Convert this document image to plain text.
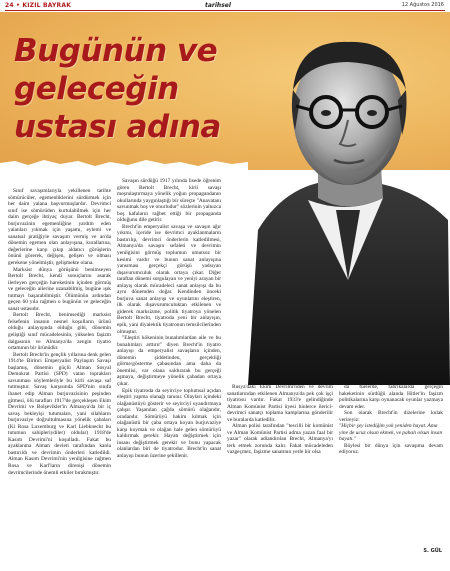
24 • KIZIL BAYRAK	tarihsel	12 Ağustos 2016
Bugünün ve geleceğin
ustası adına

Sınıf savaşımlarıyla yekillenen tarihte sömürücüler, egemenliklerini sürdürmek için her daim yalana başvurmuşlardır. Devrimci sınıf ise sömürüden kurtulabilmek için her daim gerçeğe ihtiyaç duyar. Bertolt Brecht, burjuvazinin egemenliğine yardım eden yalanları yıkmak için yaşamı, eylemi ve sanatsal pratiğiyle savaşım vermiş ve an'da dönemin egemen olan anlayışına, kurallarına, değerlerine karşı çıkıp aldatıcı görüşlerin önünü görerek, değişen, gelişen ve olması gerekene yönelmiştir, gelişmekte olana.

Marksist dünya görüşünü benimseyen Bertolt Brecht, kendi sonuçlarını asarak ilerleyen gerçeğin hareketinin içinden görmüş ve geleceğin ailerine uzanabilmiş, bugüne ışık tutmayı başarabilmiştir. Ölümünün ardından geçen 60 yıla rağmen o bugünün ve geleceğin sanat ustasıdır.

Bertolt Brecht, benimsediği marksist felsefenin insanın nesnel koşulların ürünü olduğu anlayışında olduğu gibi, dönemin geliştiği sınıf mücadelesinin, yükselen faşizm dalgasının ve Almanya'da zengin tiyatro ortamının bir ürünüdür.

Bertolt Brecht'in gençlik yıllarına denk gelen 1914'te Birinci Emperyalist Paylaşım Savaşı başlamış, dönemin güçlü Alman Sosyal Demokrat Partisi (SPD) vatan toprakları savunması söylemleriyle bu kirli savaşa saf tutmuştur. Savaş karşısında SPD'nin sınıfa ihanet edip Alman burjuvazisinin peşinden gitmesi, ölü tarafları 1917'de gerçekleşen Ekim Devrimi ve Bolşevikler'in Almanya'da bir iç savaş bekleyişi tutumaları, yani silahların burjuvaziye doğrultulmasına yönelik çabaları (Ki Rosa Luxemburg ve Karl Liebknecht bu tutumun sahipleriydiler) oldular) 1918'de Kasım Devrimi'ni koşulladı. Fakat bu ayaklanma Alman devleti tarafından kanla bastırıldı ve devrimin önderleri katledildi. Alman Kasım Devrimi'nin yenilgisine rağmen Rosa ve Karl'ların direnişi dönemin devrimcilerinde önemli etkiler bırakmıştır.

Savaşın sürdüğü 1917 yılında lisede öğrenim gören Bertolt Brecht, kirli savaşı meşrulaştırmaya yönelik yoğun propagandanın okullarında yaygınlaştığı bir süreçte "Anavatanı savunmak hoş ve onurludur" sözlerinin yalnızca boş kafaların rağbet ettiği bir propaganda olduğunu dile getirir.

Brecht'in emperyalist savaşa ve savaşın ağır yıkımı, içeride ise devrimci ayaklanmaların bastırılıp, devrimci önderlerin katledilmesi, Almanya'da savaşın sefaleti ve devrimin yenilgisini görmüş toplumun umutsuz bir kesimi vardır ve bunun sanat anlayışına yansıması gerçekçi görüşü yadsıyan dışavurumculuk olarak ortaya çıkar. Diğer taraftan dönemi sorgulayan ve yeniyi arayan bir anlayış olarak mücadeleci sanat anlayışı da bu aynı dönemden doğar. Kendinden önceki burjuva sanat anlayışı ve oyunlarını eleştiren, ilk olarak dışavurumculuktan etkilenen ve giderek marksizme, politik tiyatroya yönelen Bertolt Brecht, tiyatroda yeni bir anlayışın, epik, yani diyalektik tiyatronun temsilcilerinden olmuştur.

"Eleştiri kökeninin bunalımlardan aile ve bu bunalımları arttırır" diyen Brecht'in tiyatro anlayışı da emperyalist savaşların içinden, dönemin şiddetinden, gerçekliği görme/gösterme çabasından ama daha da önemlisi, var olana saldırarak bu gerçeği aşmaya, değiştirmeye yönelik çabadan ortaya çıkar.

Epik tiyatroda da seyirciye toplumsal açıdan eleştiri yapma olanağı tanınır. Olayları içindeki olağanüstüyü gösterir ve seyirciyi uyandırmaya çalışır. Yaşanılan çağda sömürü olağandır, oradandır. Sömürüyü hakim kılmak için olağanüstü bir çaba ortaya koyan burjuvaziye karşı koymak ve olağan hale gelen sömürüyü kaldırmak gerekir. Hayatı değiştirmek için insanı değiştirmek gerekir ve bunu yapacak olanlardan biri de tiyatrodur. Brecht'in sanat anlayışı bunun üzerine şekillenir.

Rusya'daki Ekim Devrimi'nden ve devrim sanatlarından etkilenen Almanya'da pek çok işçi tiyatrosu vardır. Fakat 1933'e gelindiğinde Alman Komünist Partisi üyesi binlerce ilerici-devrimci sanatçı toplama kamplarına gönderilir ve buralarda katledilir.

Alman polisi tarafından "tescilli bir komünist ve Alman Komünist Partisi adma yazan faal bir yazar" olarak adlandırılan Brecht, Almanya'yı terk etmek zorunda kalır. Fakat mücadeleden vazgeçmez, faşizme sanatının yerle bir olsa

da fuelerde, fabrikalarda gerçeğin hakeketinin sürdüğü alanda Hitler'in faşizm politikalarına karşı oynanacak oyunlar yazmaya devam eder.

Son olarak Brecht'in dizelerine kulak verireyiz:

"Hiçbir şey istediğim yok yeniden hayat. Ama yine de ucuz olsun ekmek, ve pahalı olsun insan hayatı."

Böylesi bir dünya için savaşıma devam ediyoruz.

S. GÜL
